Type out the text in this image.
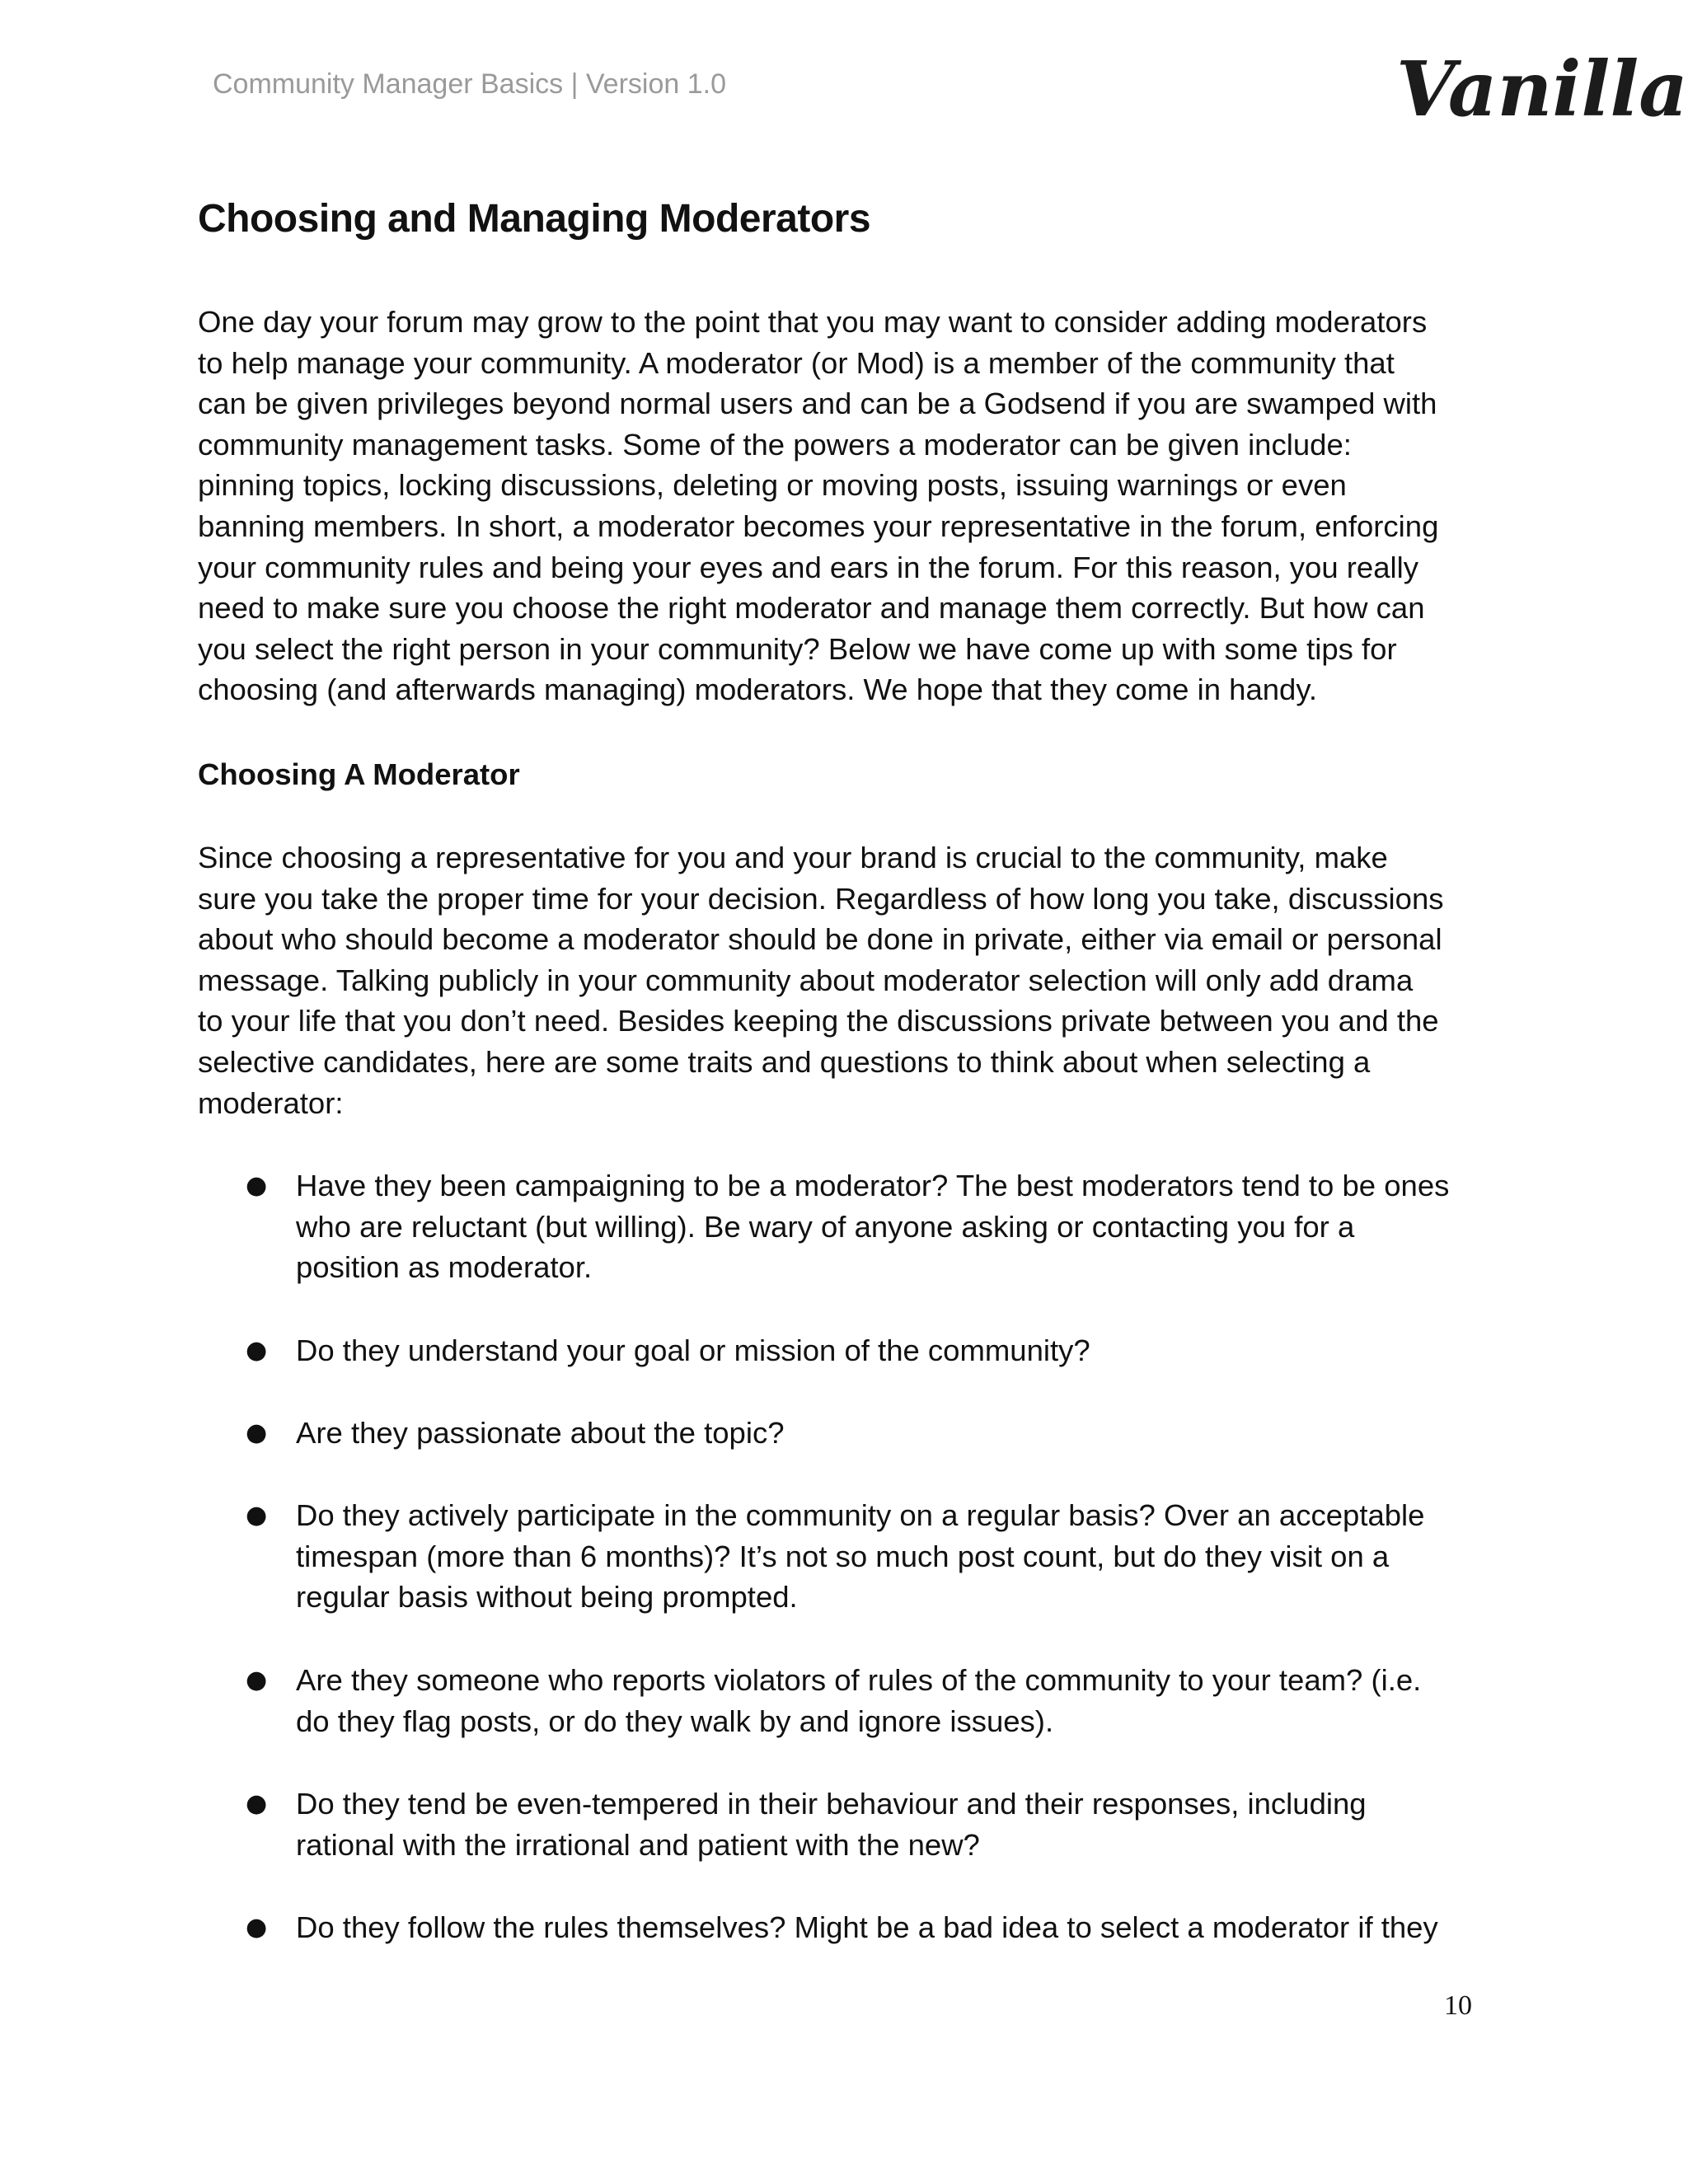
Community Manager Basics | Version 1.0	Vanilla
Choosing and Managing Moderators
One day your forum may grow to the point that you may want to consider adding moderators
to help manage your community. A moderator (or Mod) is a member of the community that
can be given privileges beyond normal users and can be a Godsend if you are swamped with
community management tasks. Some of the powers a moderator can be given include:
pinning topics, locking discussions, deleting or moving posts, issuing warnings or even
banning members. In short, a moderator becomes your representative in the forum, enforcing
your community rules and being your eyes and ears in the forum. For this reason, you really
need to make sure you choose the right moderator and manage them correctly. But how can
you select the right person in your community? Below we have come up with some tips for
choosing (and afterwards managing) moderators. We hope that they come in handy.
Choosing A Moderator
Since choosing a representative for you and your brand is crucial to the community, make
sure you take the proper time for your decision. Regardless of how long you take, discussions
about who should become a moderator should be done in private, either via email or personal
message. Talking publicly in your community about moderator selection will only add drama
to your life that you don’t need. Besides keeping the discussions private between you and the
selective candidates, here are some traits and questions to think about when selecting a
moderator:
● Have they been campaigning to be a moderator? The best moderators tend to be ones
who are reluctant (but willing). Be wary of anyone asking or contacting you for a
position as moderator.
● Do they understand your goal or mission of the community?
● Are they passionate about the topic?
● Do they actively participate in the community on a regular basis? Over an acceptable
timespan (more than 6 months)? It’s not so much post count, but do they visit on a
regular basis without being prompted.
● Are they someone who reports violators of rules of the community to your team? (i.e.
do they flag posts, or do they walk by and ignore issues).
● Do they tend be even-tempered in their behaviour and their responses, including
rational with the irrational and patient with the new?
● Do they follow the rules themselves? Might be a bad idea to select a moderator if they
10
